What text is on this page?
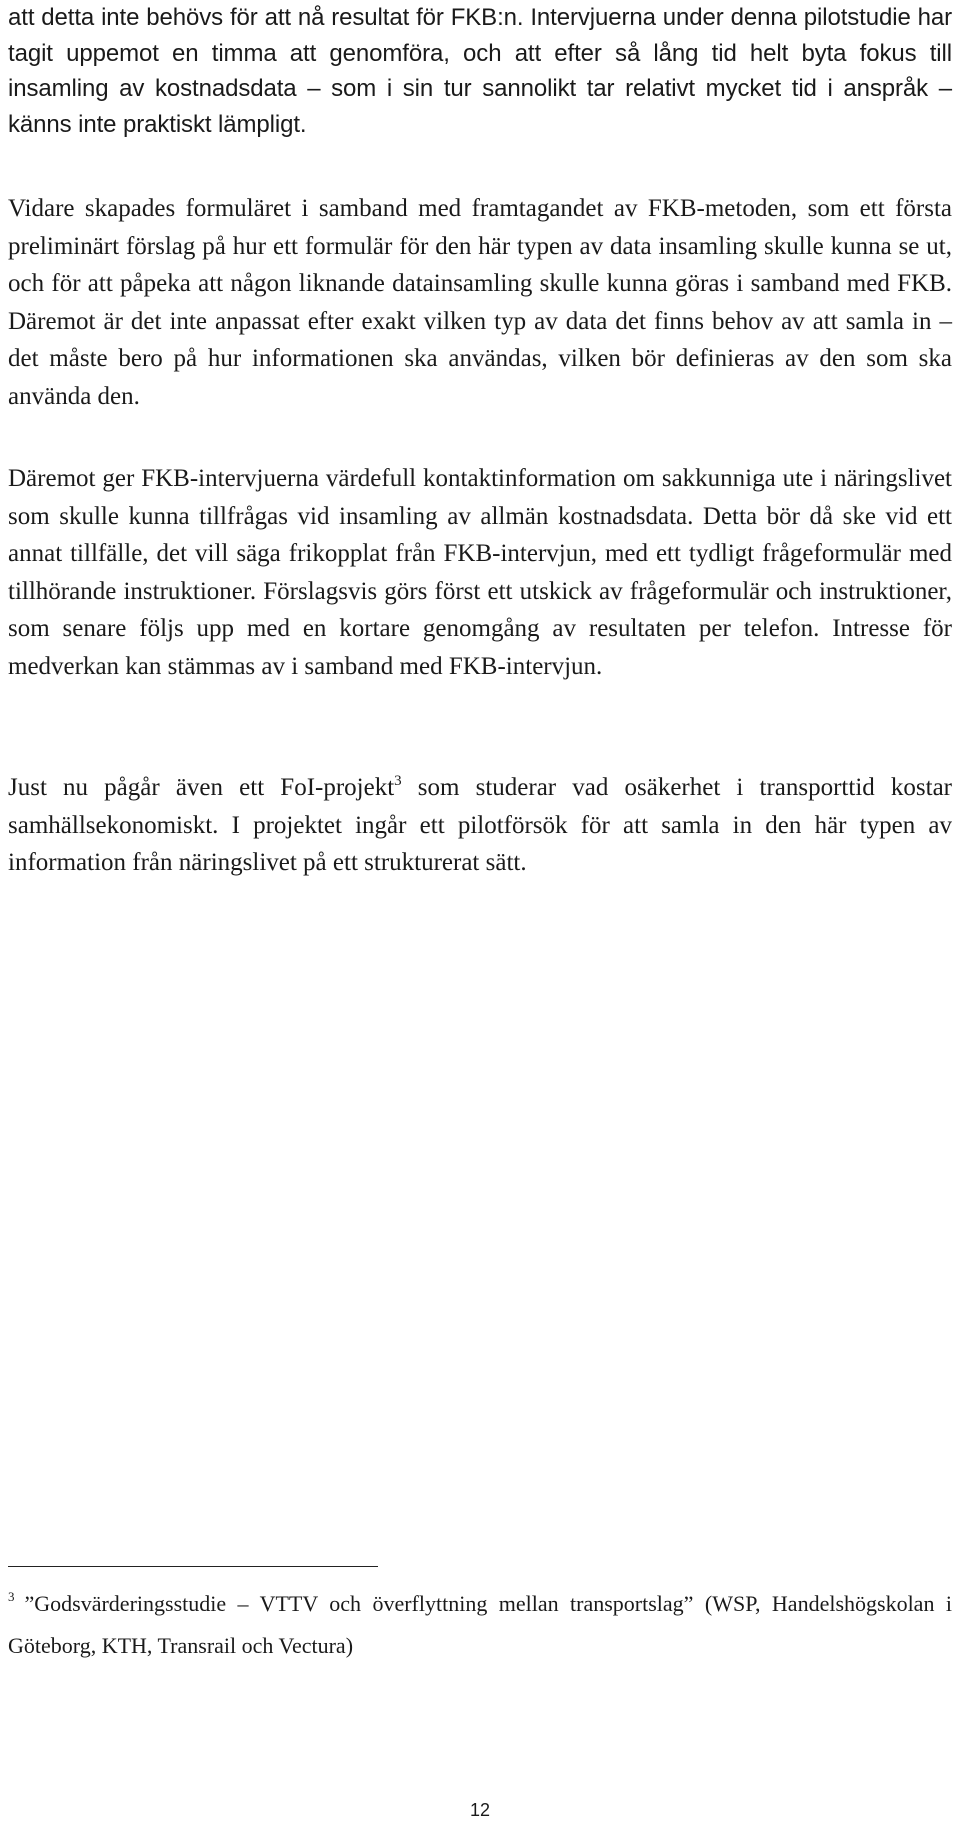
att detta inte behövs för att nå resultat för FKB:n. Intervjuerna under denna pilotstudie har tagit uppemot en timma att genomföra, och att efter så lång tid helt byta fokus till insamling av kostnadsdata – som i sin tur sannolikt tar relativt mycket tid i anspråk – känns inte praktiskt lämpligt.

Vidare skapades formuläret i samband med framtagandet av FKB-metoden, som ett första preliminärt förslag på hur ett formulär för den här typen av data insamling skulle kunna se ut, och för att påpeka att någon liknande datainsamling skulle kunna göras i samband med FKB. Däremot är det inte anpassat efter exakt vilken typ av data det finns behov av att samla in – det måste bero på hur informationen ska användas, vilken bör definieras av den som ska använda den.

Däremot ger FKB-intervjuerna värdefull kontaktinformation om sakkunniga ute i näringslivet som skulle kunna tillfrågas vid insamling av allmän kostnadsdata. Detta bör då ske vid ett annat tillfälle, det vill säga frikopplat från FKB-intervjun, med ett tydligt frågeformulär med tillhörande instruktioner. Förslagsvis görs först ett utskick av frågeformulär och instruktioner, som senare följs upp med en kortare genomgång av resultaten per telefon. Intresse för medverkan kan stämmas av i samband med FKB-intervjun.

Just nu pågår även ett FoI-projekt$^3$ som studerar vad osäkerhet i transporttid kostar samhällsekonomiskt. I projektet ingår ett pilotförsök för att samla in den här typen av information från näringslivet på ett strukturerat sätt.

$^3$ ”Godsvärderingsstudie – VTTV och överflyttning mellan transportslag” (WSP, Handelshögskolan i Göteborg, KTH, Transrail och Vectura)

12
